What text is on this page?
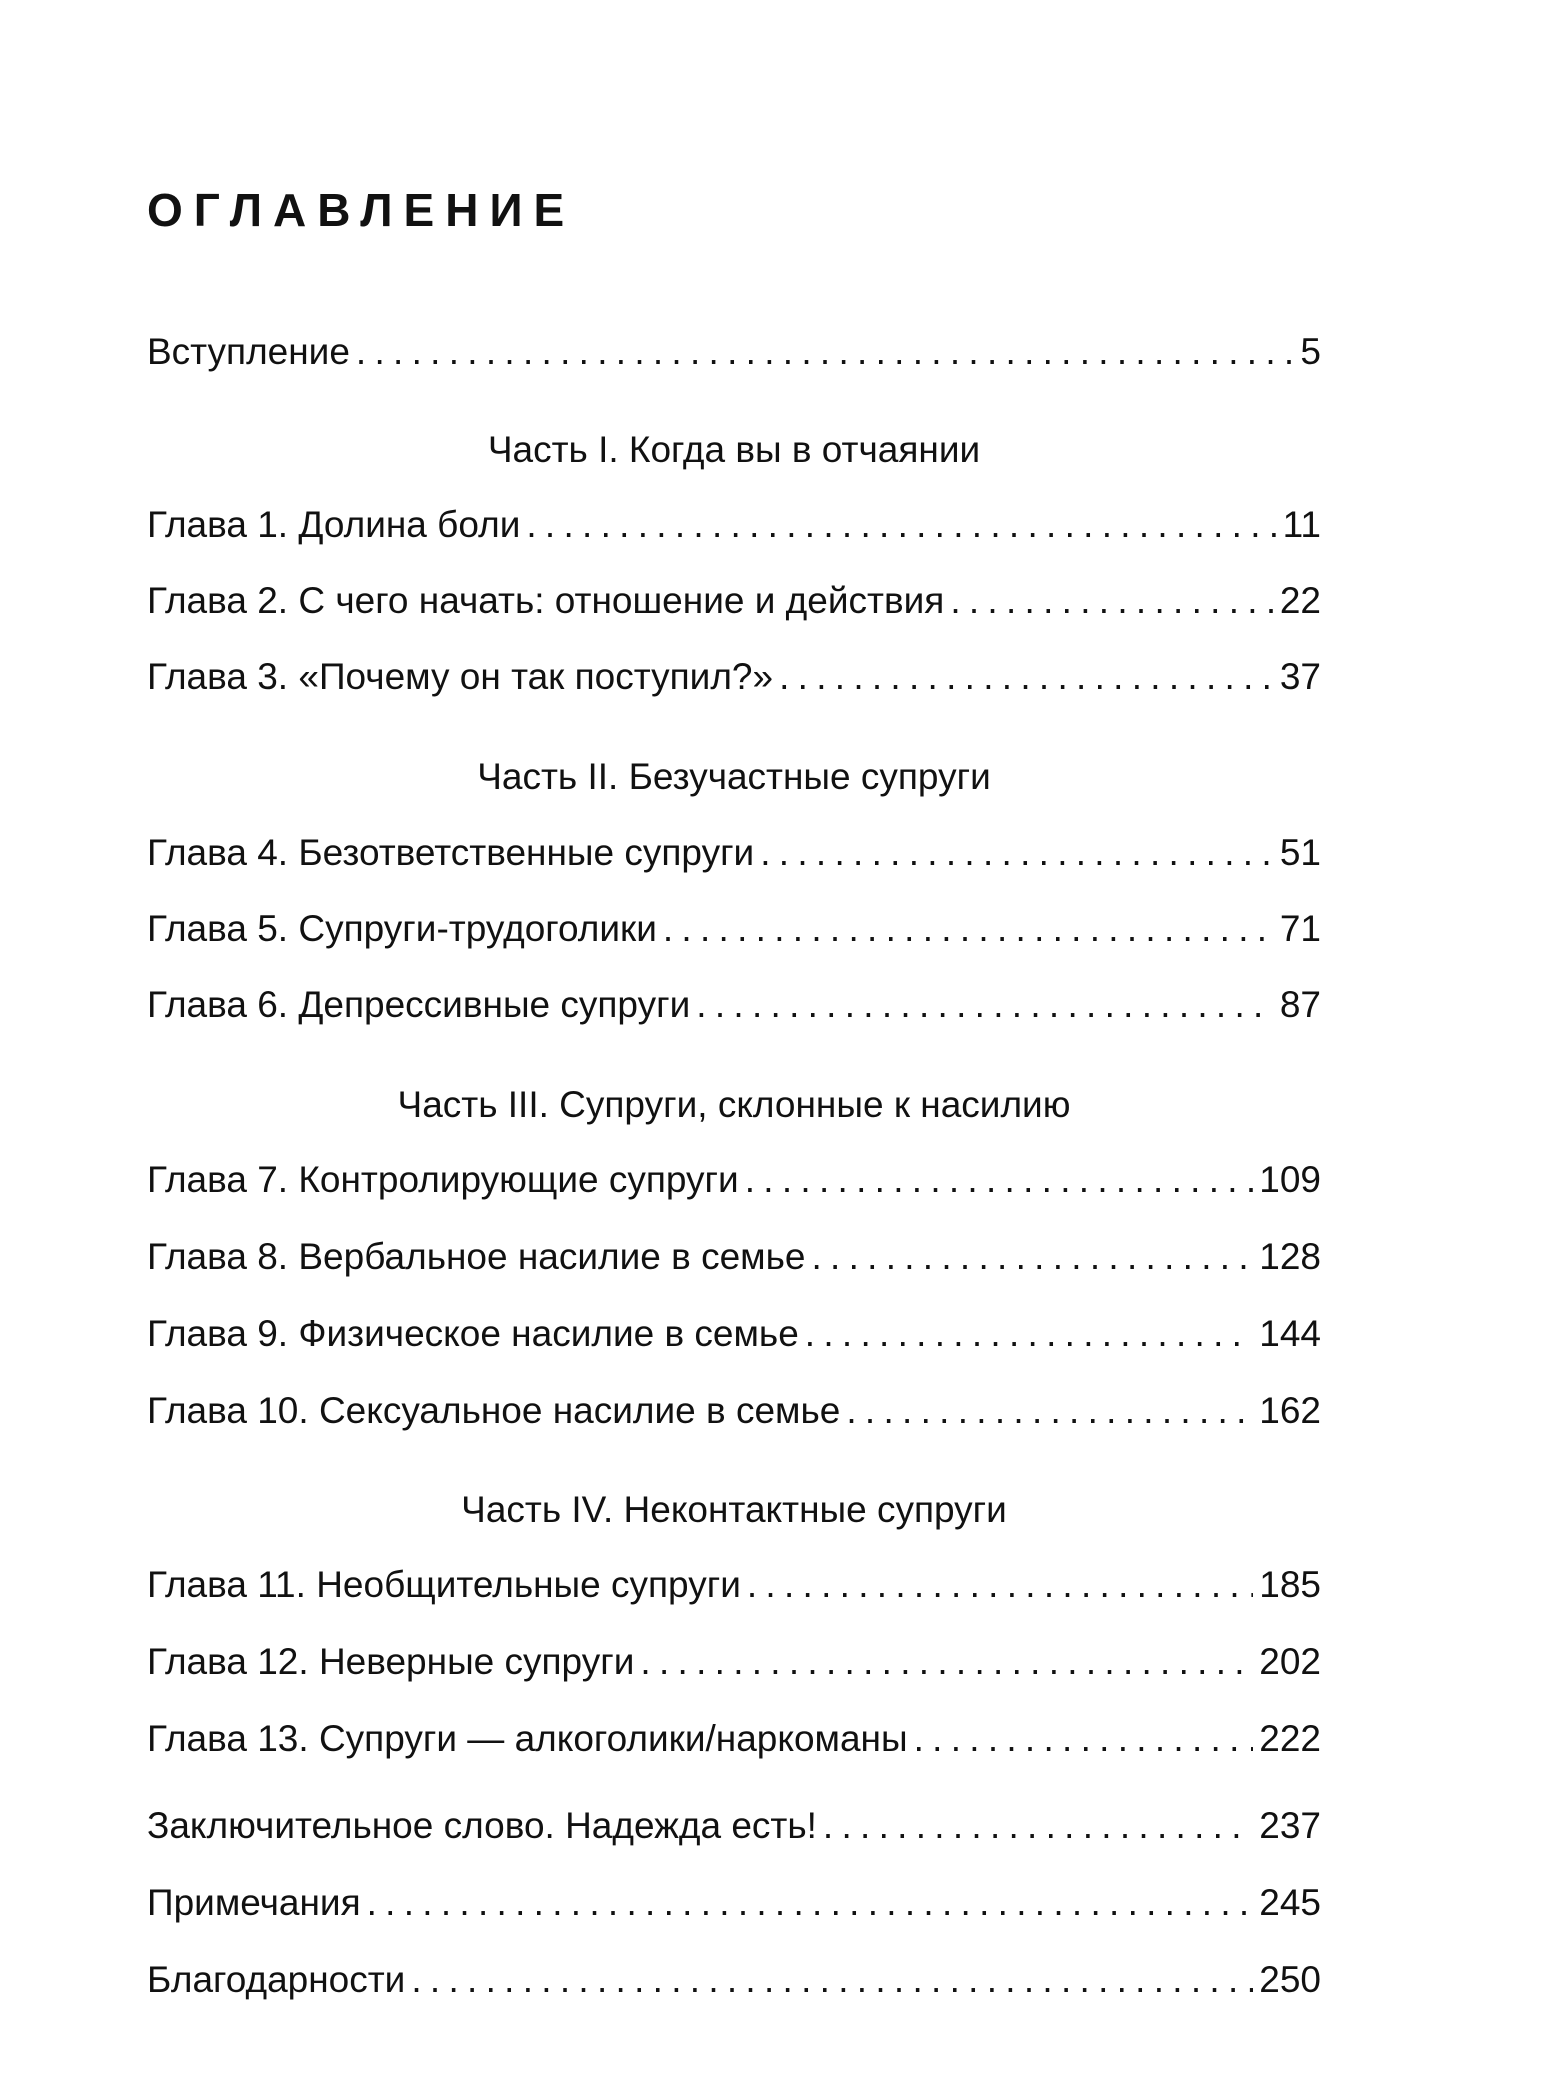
ОГЛАВЛЕНИЕ
Вступление . . .	5
Часть I. Когда вы в отчаянии
Глава 1. Долина боли . . .	11
Глава 2. С чего начать: отношение и действия . . .	22
Глава 3. «Почему он так поступил?» . . .	37
Часть II. Безучастные супруги
Глава 4. Безответственные супруги . . .	51
Глава 5. Супруги-трудоголики . . .	71
Глава 6. Депрессивные супруги . . .	87
Часть III. Супруги, склонные к насилию
Глава 7. Контролирующие супруги . . .	109
Глава 8. Вербальное насилие в семье . . .	128
Глава 9. Физическое насилие в семье . . .	144
Глава 10. Сексуальное насилие в семье . . .	162
Часть IV. Неконтактные супруги
Глава 11. Необщительные супруги . . .	185
Глава 12. Неверные супруги . . .	202
Глава 13. Супруги — алкоголики/наркоманы . . .	222
Заключительное слово. Надежда есть! . . .	237
Примечания . . .	245
Благодарности . . .	250
